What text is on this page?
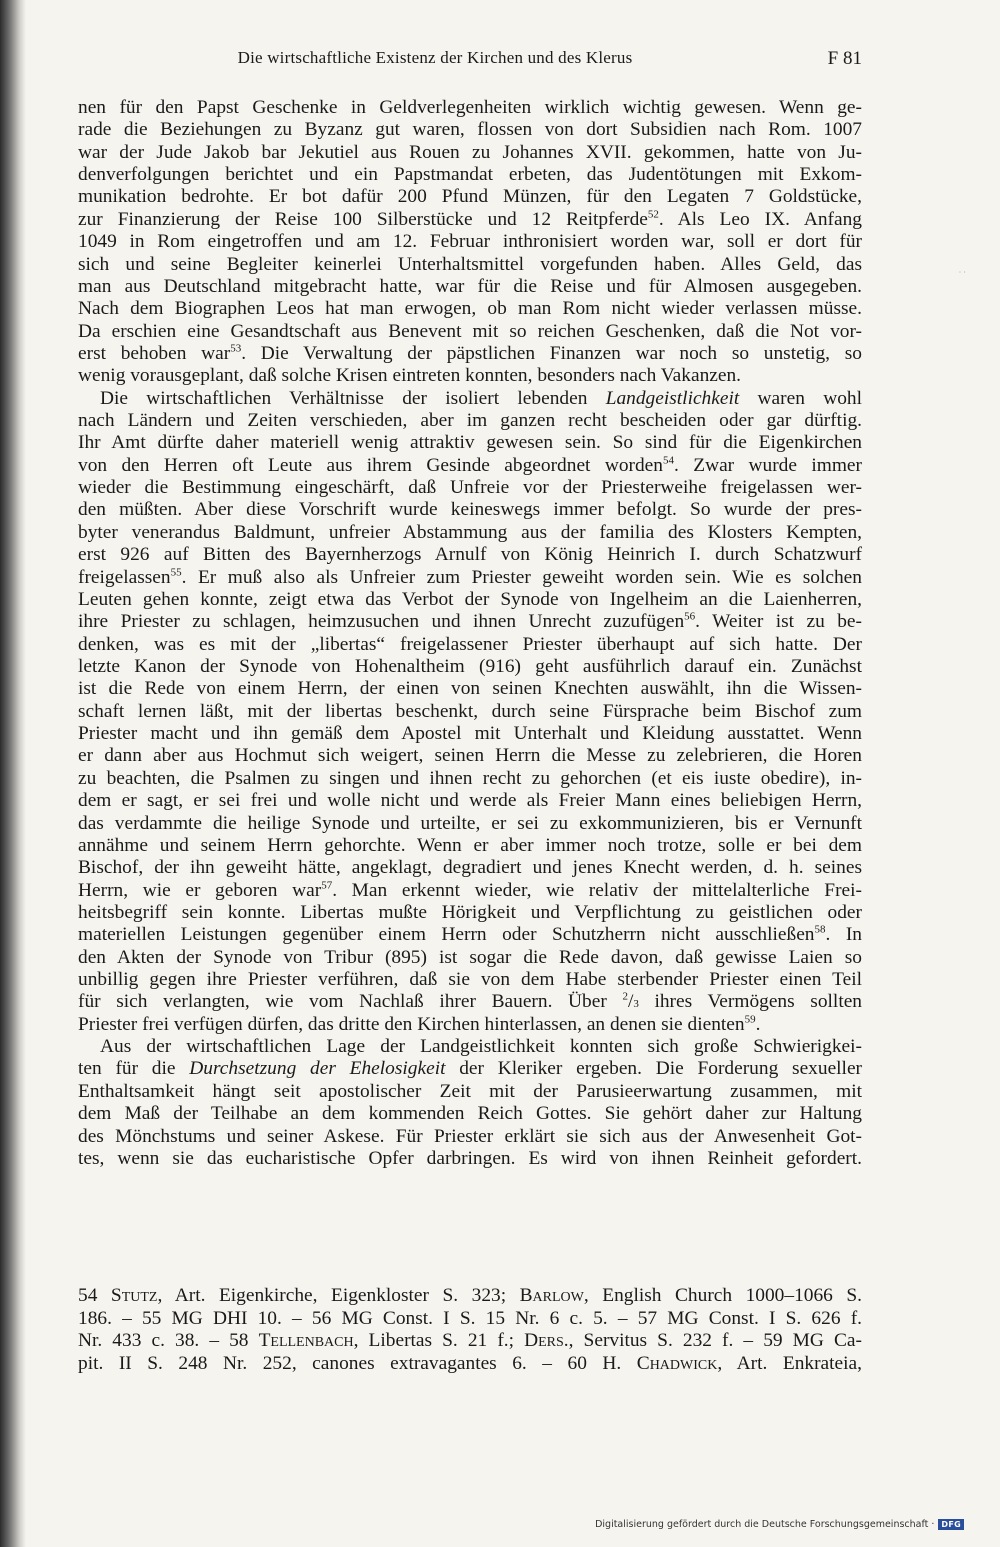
Die wirtschaftliche Existenz der Kirchen und des Klerus	F 81
· ·
nen für den Papst Geschenke in Geldverlegenheiten wirklich wichtig gewesen. Wenn ge-
rade die Beziehungen zu Byzanz gut waren, flossen von dort Subsidien nach Rom. 1007
war der Jude Jakob bar Jekutiel aus Rouen zu Johannes XVII. gekommen, hatte von Ju-
denverfolgungen berichtet und ein Papstmandat erbeten, das Judentötungen mit Exkom-
munikation bedrohte. Er bot dafür 200 Pfund Münzen, für den Legaten 7 Goldstücke,
zur Finanzierung der Reise 100 Silberstücke und 12 Reitpferde$^{52}$. Als Leo IX. Anfang
1049 in Rom eingetroffen und am 12. Februar inthronisiert worden war, soll er dort für
sich und seine Begleiter keinerlei Unterhaltsmittel vorgefunden haben. Alles Geld, das
man aus Deutschland mitgebracht hatte, war für die Reise und für Almosen ausgegeben.
Nach dem Biographen Leos hat man erwogen, ob man Rom nicht wieder verlassen müsse.
Da erschien eine Gesandtschaft aus Benevent mit so reichen Geschenken, daß die Not vor-
erst behoben war$^{53}$. Die Verwaltung der päpstlichen Finanzen war noch so unstetig, so
wenig vorausgeplant, daß solche Krisen eintreten konnten, besonders nach Vakanzen.
Die wirtschaftlichen Verhältnisse der isoliert lebenden Landgeistlichkeit waren wohl
nach Ländern und Zeiten verschieden, aber im ganzen recht bescheiden oder gar dürftig.
Ihr Amt dürfte daher materiell wenig attraktiv gewesen sein. So sind für die Eigenkirchen
von den Herren oft Leute aus ihrem Gesinde abgeordnet worden$^{54}$. Zwar wurde immer
wieder die Bestimmung eingeschärft, daß Unfreie vor der Priesterweihe freigelassen wer-
den müßten. Aber diese Vorschrift wurde keineswegs immer befolgt. So wurde der pres-
byter venerandus Baldmunt, unfreier Abstammung aus der familia des Klosters Kempten,
erst 926 auf Bitten des Bayernherzogs Arnulf von König Heinrich I. durch Schatzwurf
freigelassen$^{55}$. Er muß also als Unfreier zum Priester geweiht worden sein. Wie es solchen
Leuten gehen konnte, zeigt etwa das Verbot der Synode von Ingelheim an die Laienherren,
ihre Priester zu schlagen, heimzusuchen und ihnen Unrecht zuzufügen$^{56}$. Weiter ist zu be-
denken, was es mit der „libertas“ freigelassener Priester überhaupt auf sich hatte. Der
letzte Kanon der Synode von Hohenaltheim (916) geht ausführlich darauf ein. Zunächst
ist die Rede von einem Herrn, der einen von seinen Knechten auswählt, ihn die Wissen-
schaft lernen läßt, mit der libertas beschenkt, durch seine Fürsprache beim Bischof zum
Priester macht und ihn gemäß dem Apostel mit Unterhalt und Kleidung ausstattet. Wenn
er dann aber aus Hochmut sich weigert, seinen Herrn die Messe zu zelebrieren, die Horen
zu beachten, die Psalmen zu singen und ihnen recht zu gehorchen (et eis iuste obedire), in-
dem er sagt, er sei frei und wolle nicht und werde als Freier Mann eines beliebigen Herrn,
das verdammte die heilige Synode und urteilte, er sei zu exkommunizieren, bis er Vernunft
annähme und seinem Herrn gehorchte. Wenn er aber immer noch trotze, solle er bei dem
Bischof, der ihn geweiht hätte, angeklagt, degradiert und jenes Knecht werden, d. h. seines
Herrn, wie er geboren war$^{57}$. Man erkennt wieder, wie relativ der mittelalterliche Frei-
heitsbegriff sein konnte. Libertas mußte Hörigkeit und Verpflichtung zu geistlichen oder
materiellen Leistungen gegenüber einem Herrn oder Schutzherrn nicht ausschließen$^{58}$. In
den Akten der Synode von Tribur (895) ist sogar die Rede davon, daß gewisse Laien so
unbillig gegen ihre Priester verführen, daß sie von dem Habe sterbender Priester einen Teil
für sich verlangten, wie vom Nachlaß ihrer Bauern. Über $^2$/3 ihres Vermögens sollten
Priester frei verfügen dürfen, das dritte den Kirchen hinterlassen, an denen sie dienten$^{59}$.
Aus der wirtschaftlichen Lage der Landgeistlichkeit konnten sich große Schwierigkei-
ten für die Durchsetzung der Ehelosigkeit der Kleriker ergeben. Die Forderung sexueller
Enthaltsamkeit hängt seit apostolischer Zeit mit der Parusieerwartung zusammen, mit
dem Maß der Teilhabe an dem kommenden Reich Gottes. Sie gehört daher zur Haltung
des Mönchstums und seiner Askese. Für Priester erklärt sie sich aus der Anwesenheit Got-
tes, wenn sie das eucharistische Opfer darbringen. Es wird von ihnen Reinheit gefordert.
54 Stutz, Art. Eigenkirche, Eigenkloster S. 323; Barlow, English Church 1000–1066 S.
186. – 55 MG DHI 10. – 56 MG Const. I S. 15 Nr. 6 c. 5. – 57 MG Const. I S. 626 f.
Nr. 433 c. 38. – 58 Tellenbach, Libertas S. 21 f.; Ders., Servitus S. 232 f. – 59 MG Ca-
pit. II S. 248 Nr. 252, canones extravagantes 6. – 60 H. Chadwick, Art. Enkrateia,
Digitalisierung gefördert durch die Deutsche Forschungsgemeinschaft · DFG
